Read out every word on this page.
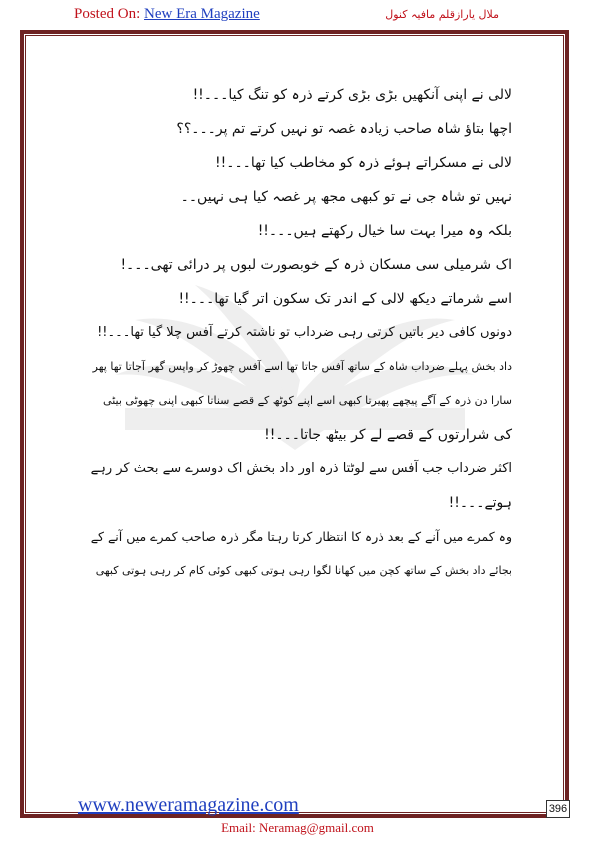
Posted On: New Era Magazine	ملال یارازقلم مافیہ کنول

لالی نے اپنی آنکھیں بڑی بڑی کرتے ذرہ کو تنگ کیا۔۔۔!!

اچھا بتاؤ شاہ صاحب زیادہ غصہ تو نہیں کرتے تم پر۔۔۔؟؟

لالی نے مسکراتے ہوئے ذرہ کو مخاطب کیا تھا۔۔۔!!

نہیں تو شاہ جی نے تو کبھی مجھ پر غصہ کیا ہی نہیں۔۔

بلکہ وہ میرا بہت سا خیال رکھتے ہیں۔۔۔!!

اک شرمیلی سی مسکان ذرہ کے خوبصورت لبوں پر درائی تھی۔۔۔!

اسے شرماتے دیکھ لالی کے اندر تک سکون اتر گیا تھا۔۔۔!!

دونوں کافی دیر باتیں کرتی رہی ضرداب تو ناشتہ کرتے آفس چلا گیا تھا۔۔۔!!

داد بخش پہلے ضرداب شاہ کے ساتھ آفس جاتا تھا اسے آفس چھوڑ کر واپس گھر آجاتا تھا پھر

سارا دن ذرہ کے آگے پیچھے پھیرتا کبھی اسے اپنے کوٹھ کے قصے سناتا کبھی اپنی چھوٹی بیٹی

کی شرارتوں کے قصے لے کر بیٹھ جاتا۔۔۔!!

اکثر ضرداب جب آفس سے لوٹتا ذرہ اور داد بخش اک دوسرے سے بحث کر رہے

ہوتے۔۔۔!!

وہ کمرے میں آنے کے بعد ذرہ کا انتظار کرتا رہتا مگر ذرہ صاحب کمرے میں آنے کے

بجائے داد بخش کے ساتھ کچن میں کھانا لگوا رہی ہوتی کبھی کوئی کام کر رہی ہوتی کبھی

www.neweramagazine.com	396
Email: Neramag@gmail.com
